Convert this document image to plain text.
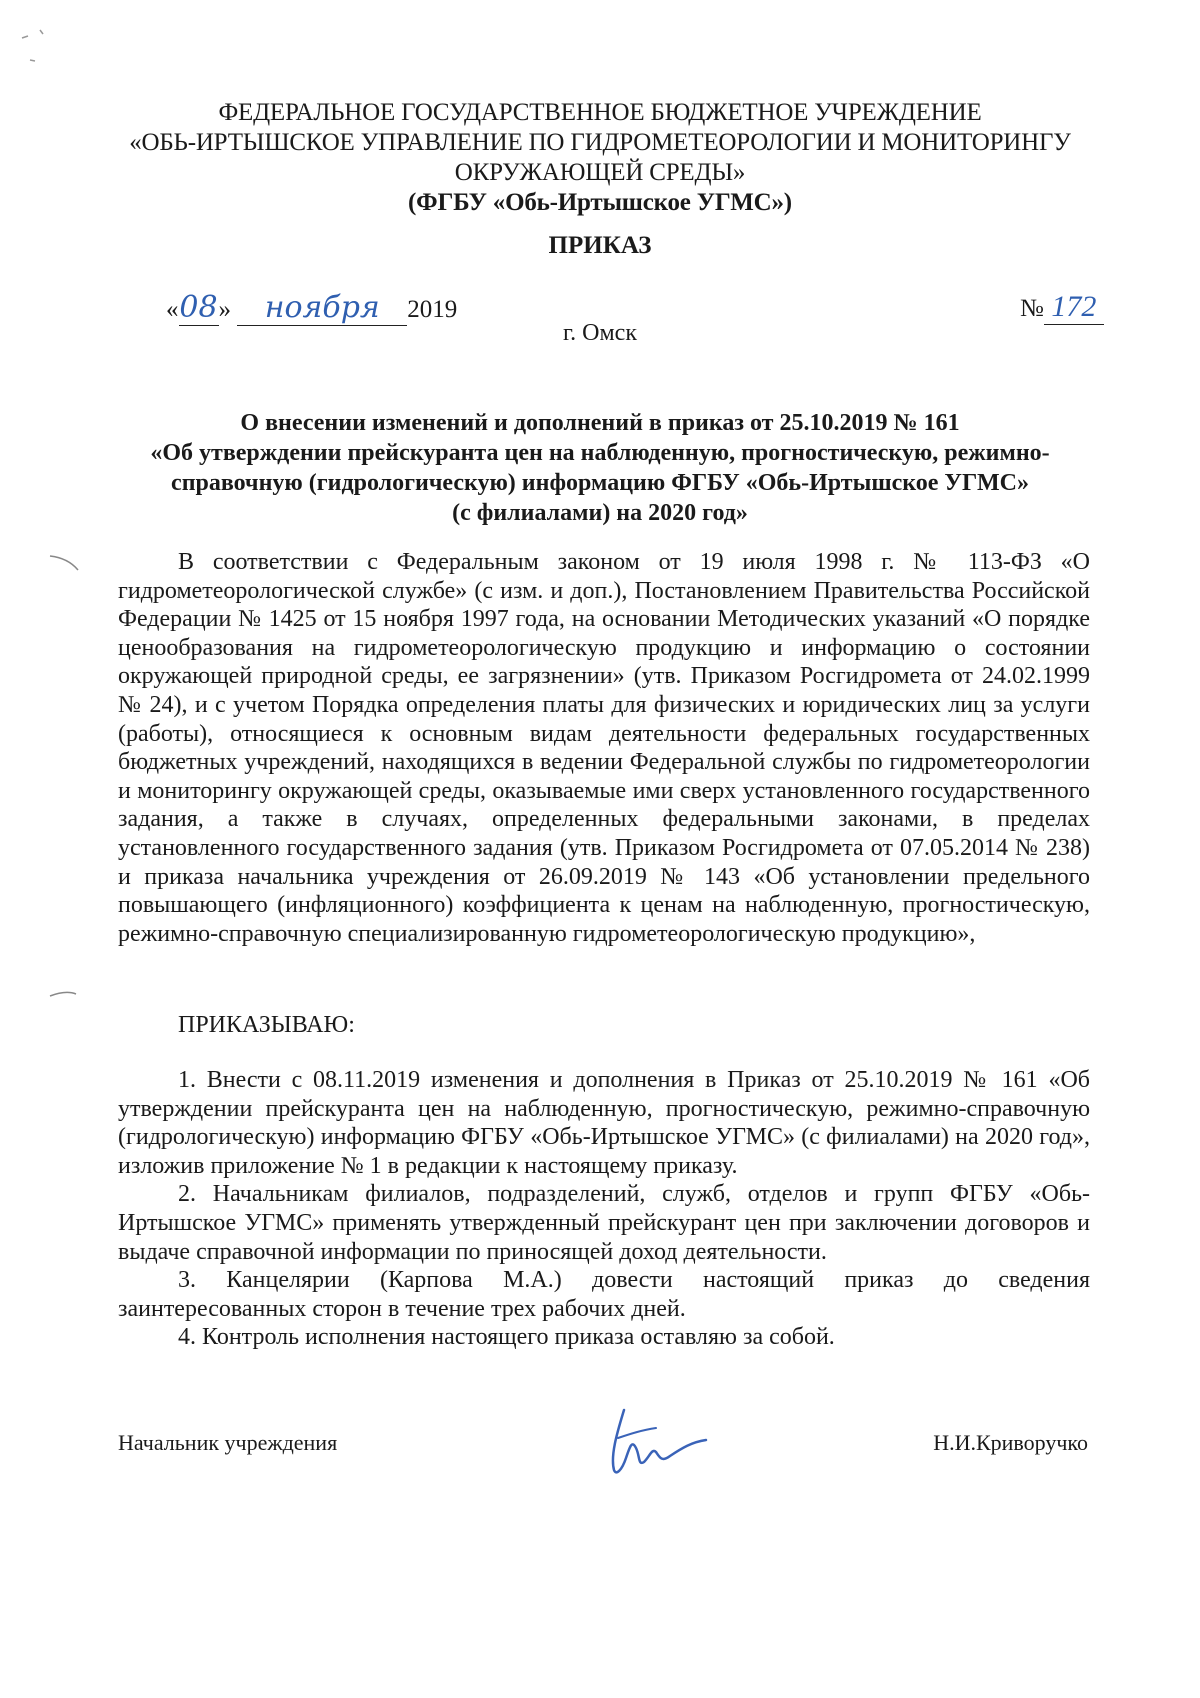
ФЕДЕРАЛЬНОЕ ГОСУДАРСТВЕННОЕ БЮДЖЕТНОЕ УЧРЕЖДЕНИЕ
«ОБЬ-ИРТЫШСКОЕ УПРАВЛЕНИЕ ПО ГИДРОМЕТЕОРОЛОГИИ И МОНИТОРИНГУ
ОКРУЖАЮЩЕЙ СРЕДЫ»
(ФГБУ «Обь-Иртышское УГМС»)
ПРИКАЗ
«08» ноября 2019	№ 172
г. Омск
О внесении изменений и дополнений в приказ от 25.10.2019 № 161
«Об утверждении прейскуранта цен на наблюденную, прогностическую, режимно-справочную (гидрологическую) информацию ФГБУ «Обь-Иртышское УГМС»
(с филиалами) на 2020 год»
В соответствии с Федеральным законом от 19 июля 1998 г. № 113-ФЗ «О гидрометеорологической службе» (с изм. и доп.), Постановлением Правительства Российской Федерации № 1425 от 15 ноября 1997 года, на основании Методических указаний «О порядке ценообразования на гидрометеорологическую продукцию и информацию о состоянии окружающей природной среды, ее загрязнении» (утв. Приказом Росгидромета от 24.02.1999 № 24), и с учетом Порядка определения платы для физических и юридических лиц за услуги (работы), относящиеся к основным видам деятельности федеральных государственных бюджетных учреждений, находящихся в ведении Федеральной службы по гидрометеорологии и мониторингу окружающей среды, оказываемые ими сверх установленного государственного задания, а также в случаях, определенных федеральными законами, в пределах установленного государственного задания (утв. Приказом Росгидромета от 07.05.2014 № 238) и приказа начальника учреждения от 26.09.2019 № 143 «Об установлении предельного повышающего (инфляционного) коэффициента к ценам на наблюденную, прогностическую, режимно-справочную специализированную гидрометеорологическую продукцию»,
ПРИКАЗЫВАЮ:

1. Внести с 08.11.2019 изменения и дополнения в Приказ от 25.10.2019 № 161 «Об утверждении прейскуранта цен на наблюденную, прогностическую, режимно-справочную (гидрологическую) информацию ФГБУ «Обь-Иртышское УГМС» (с филиалами) на 2020 год», изложив приложение № 1 в редакции к настоящему приказу.

2. Начальникам филиалов, подразделений, служб, отделов и групп ФГБУ «Обь-Иртышское УГМС» применять утвержденный прейскурант цен при заключении договоров и выдаче справочной информации по приносящей доход деятельности.

3. Канцелярии (Карпова М.А.) довести настоящий приказ до сведения заинтересованных сторон в течение трех рабочих дней.

4. Контроль исполнения настоящего приказа оставляю за собой.

Начальник учреждения	Н.И.Криворучко
